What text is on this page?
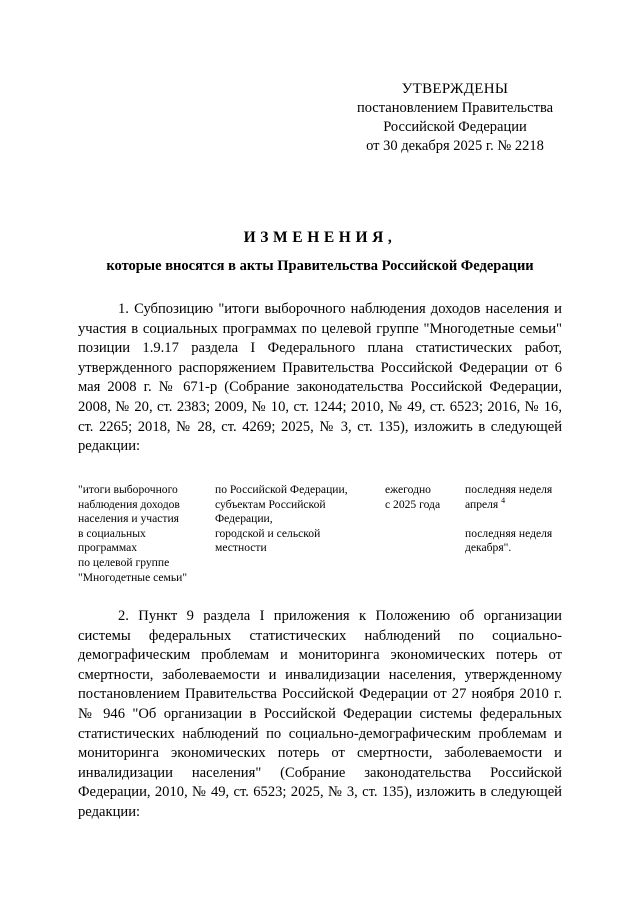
УТВЕРЖДЕНЫ
постановлением Правительства
Российской Федерации
от 30 декабря 2025 г. № 2218
ИЗМЕНЕНИЯ,
которые вносятся в акты Правительства Российской Федерации

1. Субпозицию "итоги выборочного наблюдения доходов населения и участия в социальных программах по целевой группе "Многодетные семьи" позиции 1.9.17 раздела I Федерального плана статистических работ, утвержденного распоряжением Правительства Российской Федерации от 6 мая 2008 г. № 671-р (Собрание законодательства Российской Федерации, 2008, № 20, ст. 2383; 2009, № 10, ст. 1244; 2010, № 49, ст. 6523; 2016, № 16, ст. 2265; 2018, № 28, ст. 4269; 2025, № 3, ст. 135), изложить в следующей редакции:

"итоги выборочного
наблюдения доходов
населения и участия
в социальных
программах
по целевой группе
"Многодетные семьи"
по Российской Федерации,
субъектам Российской
Федерации,
городской и сельской
местности
ежегодно
с 2025 года
последняя неделя
апреля $^4$
последняя неделя
декабря".

2. Пункт 9 раздела I приложения к Положению об организации системы федеральных статистических наблюдений по социально-демографическим проблемам и мониторинга экономических потерь от смертности, заболеваемости и инвалидизации населения, утвержденному постановлением Правительства Российской Федерации от 27 ноября 2010 г. № 946 "Об организации в Российской Федерации системы федеральных статистических наблюдений по социально-демографическим проблемам и мониторинга экономических потерь от смертности, заболеваемости и инвалидизации населения" (Собрание законодательства Российской Федерации, 2010, № 49, ст. 6523; 2025, № 3, ст. 135), изложить в следующей редакции:
